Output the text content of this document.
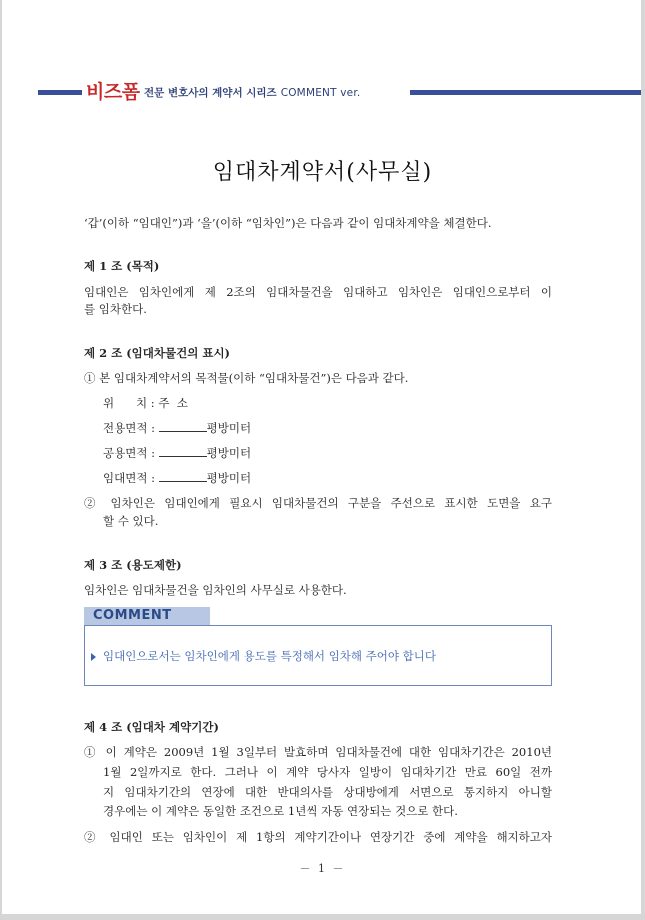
비즈폼 전문 변호사의 계약서 시리즈 COMMENT ver.
임대차계약서(사무실)
‘갑’(이하 “임대인”)과 ‘을’(이하 “임차인”)은 다음과 같이 임대차계약을 체결한다.
제 1 조 (목적)
임대인은 임차인에게 제 2조의 임대차물건을 임대하고 임차인은 임대인으로부터 이
를 임차한다.
제 2 조 (임대차물건의 표시)
① 본 임대차계약서의 목적물(이하 “임대차물건”)은 다음과 같다.
위      치 : 주  소
전용면적 :	평방미터
공용면적 :	평방미터
임대면적 :	평방미터
② 임차인은 임대인에게 필요시 임대차물건의 구분을 주선으로 표시한 도면을 요구
할 수 있다.
제 3 조 (용도제한)
임차인은 임대차물건을 임차인의 사무실로 사용한다.
COMMENT
임대인으로서는 임차인에게 용도를 특정해서 임차해 주어야 합니다
제 4 조 (임대차 계약기간)
① 이 계약은 2009년 1월 3일부터 발효하며 임대차물건에 대한 임대차기간은 2010년
1월 2일까지로 한다. 그러나 이 계약 당사자 일방이 임대차기간 만료 60일 전까
지 임대차기간의 연장에 대한 반대의사를 상대방에게 서면으로 통지하지 아니할
경우에는 이 계약은 동일한 조건으로 1년씩 자동 연장되는 것으로 한다.
② 임대인 또는 임차인이 제 1항의 계약기간이나 연장기간 중에 계약을 해지하고자
－ 1 －
